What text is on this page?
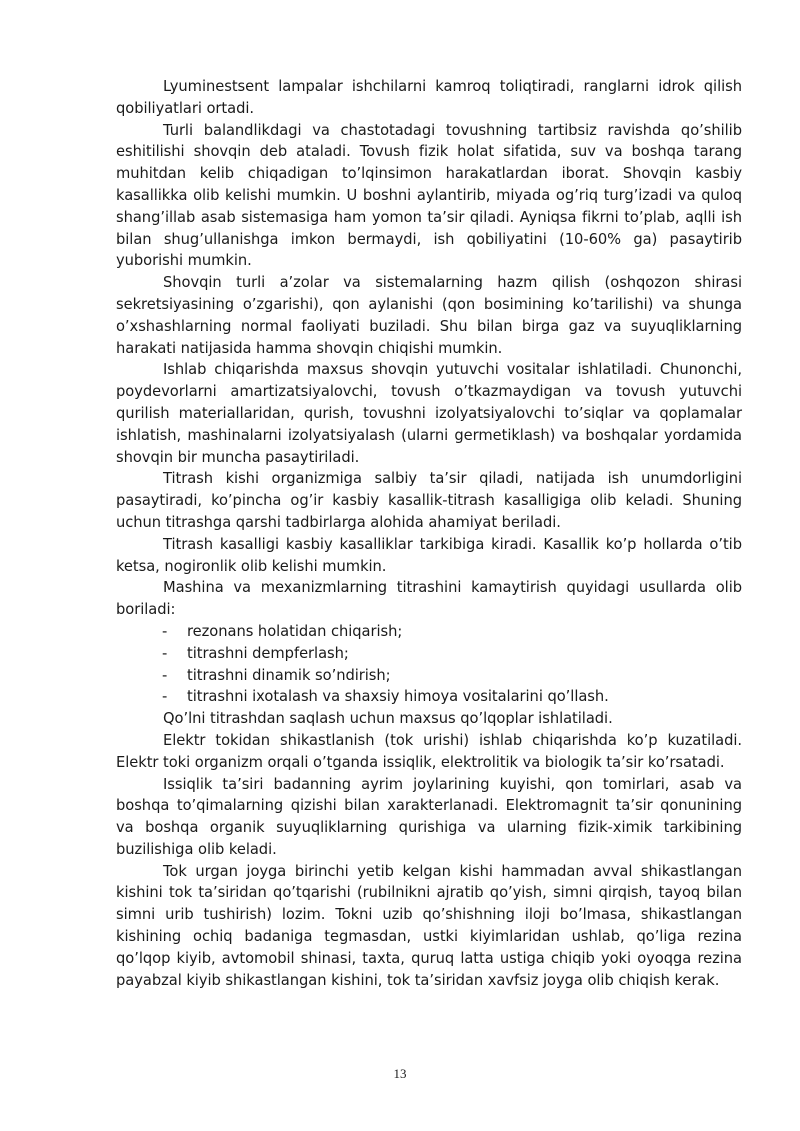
Lyuminestsent lampalar ishchilarni kamroq toliqtiradi, ranglarni idrok qilish qobiliyatlari ortadi.

Turli balandlikdagi va chastotadagi tovushning tartibsiz ravishda qo’shilib eshitilishi shovqin deb ataladi. Tovush fizik holat sifatida, suv va boshqa tarang muhitdan kelib chiqadigan to’lqinsimon harakatlardan iborat. Shovqin kasbiy kasallikka olib kelishi mumkin. U boshni aylantirib, miyada og’riq turg’izadi va quloq shang’illab asab sistemasiga ham yomon ta’sir qiladi. Ayniqsa fikrni to’plab, aqlli ish bilan shug’ullanishga imkon bermaydi, ish qobiliyatini (10-60% ga) pasaytirib yuborishi mumkin.

Shovqin turli a’zolar va sistemalarning hazm qilish (oshqozon shirasi sekretsiyasining o’zgarishi), qon aylanishi (qon bosimining ko’tarilishi) va shunga o’xshashlarning normal faoliyati buziladi. Shu bilan birga gaz va suyuqliklarning harakati natijasida hamma shovqin chiqishi mumkin.

Ishlab chiqarishda maxsus shovqin yutuvchi vositalar ishlatiladi. Chunonchi, poydevorlarni amartizatsiyalovchi, tovush o’tkazmaydigan va tovush yutuvchi qurilish materiallaridan, qurish, tovushni izolyatsiyalovchi to’siqlar va qoplamalar ishlatish, mashinalarni izolyatsiyalash (ularni germetiklash) va boshqalar yordamida shovqin bir muncha pasaytiriladi.

Titrash kishi organizmiga salbiy ta’sir qiladi, natijada ish unumdorligini pasaytiradi, ko’pincha og’ir kasbiy kasallik-titrash kasalligiga olib keladi. Shuning uchun titrashga qarshi tadbirlarga alohida ahamiyat beriladi.

Titrash kasalligi kasbiy kasalliklar tarkibiga kiradi. Kasallik ko’p hollarda o’tib ketsa, nogironlik olib kelishi mumkin.

Mashina va mexanizmlarning titrashini kamaytirish quyidagi usullarda olib boriladi:

- rezonans holatidan chiqarish;
- titrashni dempferlash;
- titrashni dinamik so’ndirish;
- titrashni ixotalash va shaxsiy himoya vositalarini qo’llash.

Qo’lni titrashdan saqlash uchun maxsus qo’lqoplar ishlatiladi.

Elektr tokidan shikastlanish (tok urishi) ishlab chiqarishda ko’p kuzatiladi. Elektr toki organizm orqali o’tganda issiqlik, elektrolitik va biologik ta’sir ko’rsatadi.

Issiqlik ta’siri badanning ayrim joylarining kuyishi, qon tomirlari, asab va boshqa to’qimalarning qizishi bilan xarakterlanadi. Elektromagnit ta’sir qonunining va boshqa organik suyuqliklarning qurishiga va ularning fizik-ximik tarkibining buzilishiga olib keladi.

Tok urgan joyga birinchi yetib kelgan kishi hammadan avval shikastlangan kishini tok ta’siridan qo’tqarishi (rubilnikni ajratib qo’yish, simni qirqish, tayoq bilan simni urib tushirish) lozim. Tokni uzib qo’shishning iloji bo’lmasa, shikastlangan kishining ochiq badaniga tegmasdan, ustki kiyimlaridan ushlab, qo’liga rezina qo’lqop kiyib, avtomobil shinasi, taxta, quruq latta ustiga chiqib yoki oyoqga rezina payabzal kiyib shikastlangan kishini, tok ta’siridan xavfsiz joyga olib chiqish kerak.

13
